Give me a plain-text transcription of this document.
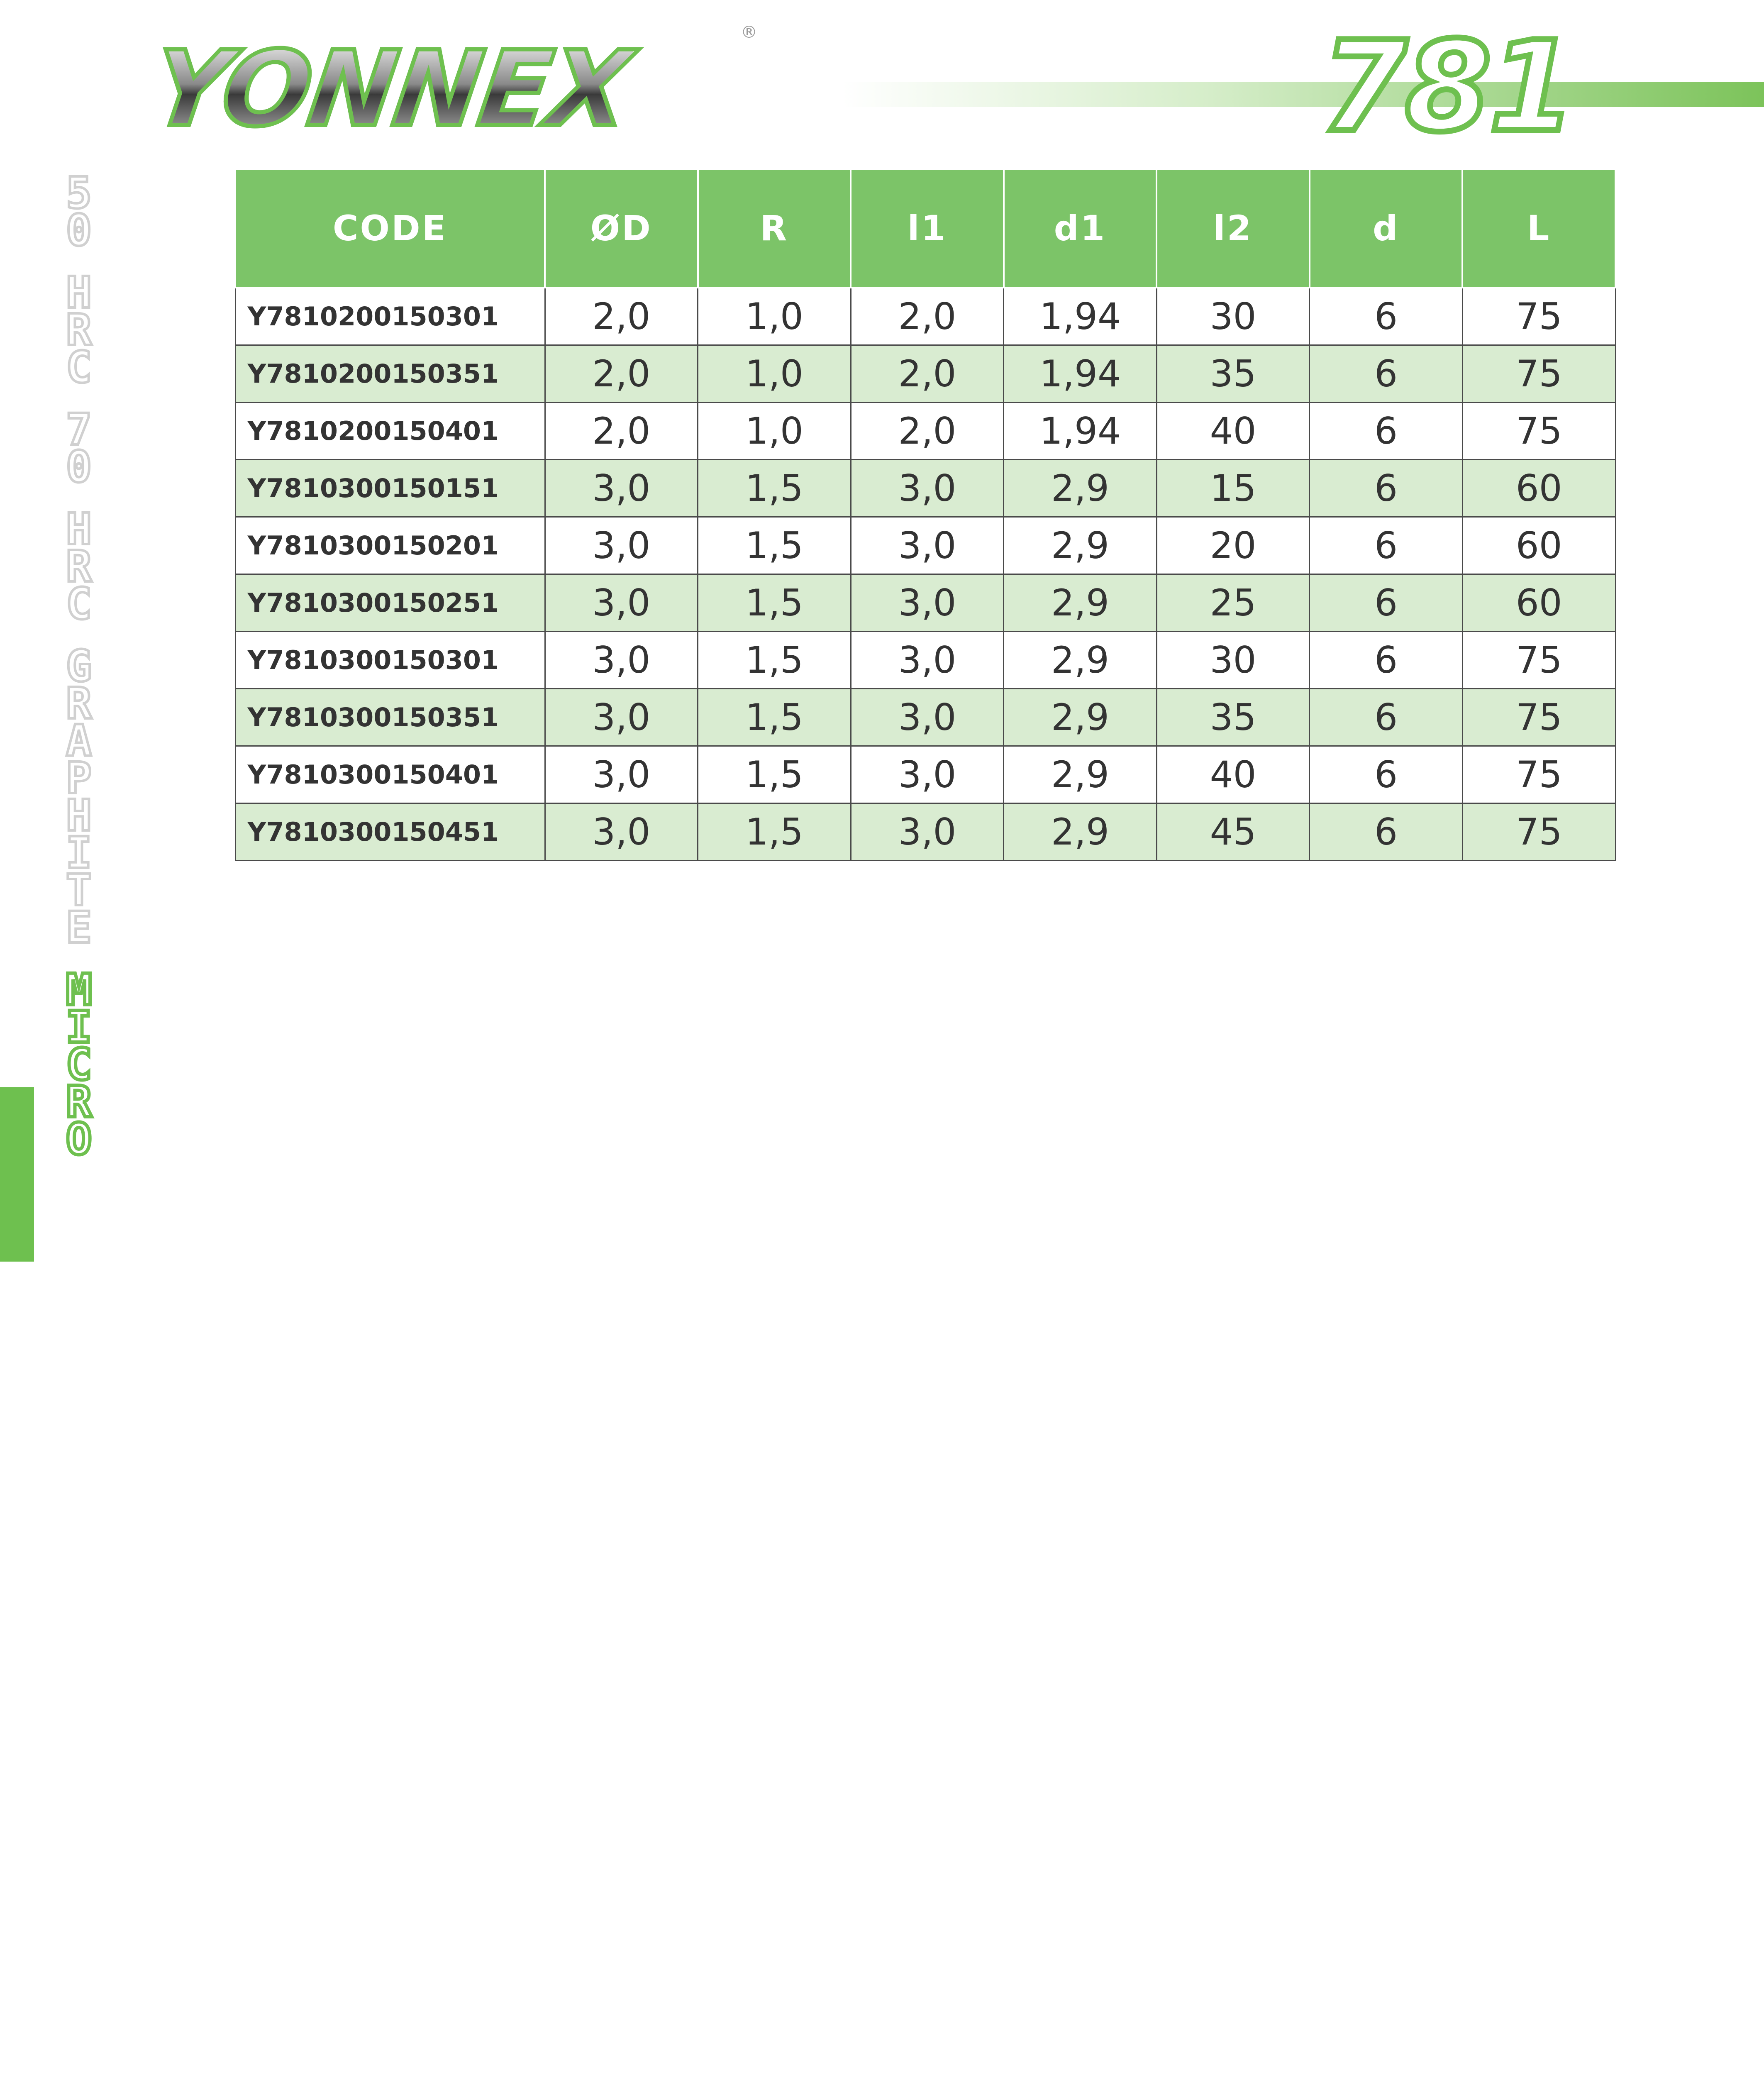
YONNEX	®	781
5
0
H
R
C
7
0
H
R
C
G
R
A
P
H
I
T
E
M
I
C
R
O
CODE	ØD	R	l1	d1	l2	d	L
Y7810200150301	2,0	1,0	2,0	1,94	30	6	75
Y7810200150351	2,0	1,0	2,0	1,94	35	6	75
Y7810200150401	2,0	1,0	2,0	1,94	40	6	75
Y7810300150151	3,0	1,5	3,0	2,9	15	6	60
Y7810300150201	3,0	1,5	3,0	2,9	20	6	60
Y7810300150251	3,0	1,5	3,0	2,9	25	6	60
Y7810300150301	3,0	1,5	3,0	2,9	30	6	75
Y7810300150351	3,0	1,5	3,0	2,9	35	6	75
Y7810300150401	3,0	1,5	3,0	2,9	40	6	75
Y7810300150451	3,0	1,5	3,0	2,9	45	6	75
